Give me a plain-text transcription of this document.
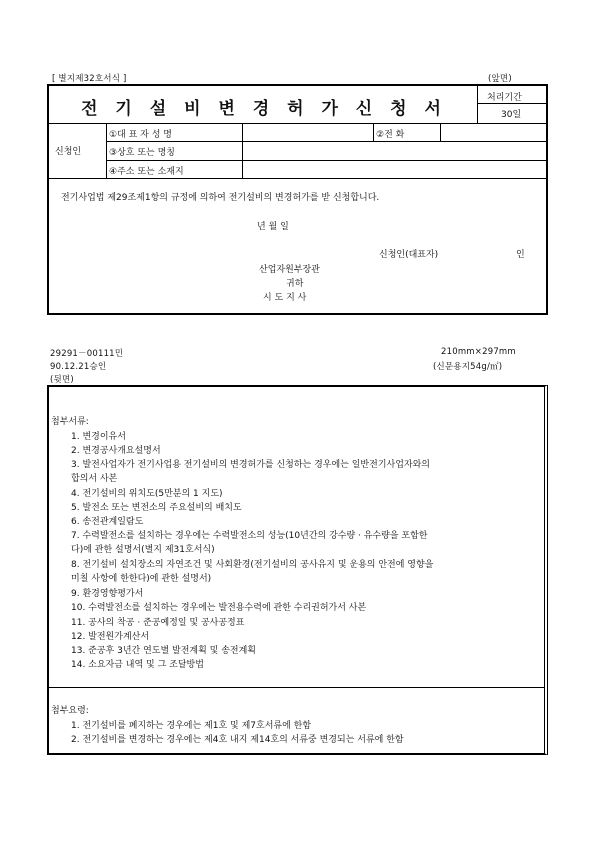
[ 별지제32호서식 ]	(앞면)
전 기 설 비 변 경 허 가 신 청 서
처리기간
30일
신청인
①대 표 자 성 명	②전 화
③상호 또는 명칭
④주소 또는 소재지
전기사업법 제29조제1항의 규정에 의하여 전기설비의 변경허가를 받 신청합니다.
년 월 일
신청인(대표자)	인
산업자원부장관
귀하
시 도 지 사
29291－00111민
90.12.21승인
210mm×297mm
(신문용지54g/㎡)
(뒷면)
첨부서류:
1. 변경이유서
2. 변경공사개요설명서
3. 발전사업자가 전기사업용 전기설비의 변경허가를 신청하는 경우에는 일반전기사업자와의
합의서 사본
4. 전기설비의 위치도(5만분의 1 지도)
5. 발전소 또는 변전소의 주요설비의 배치도
6. 송전관계일람도
7. 수력발전소를 설치하는 경우에는 수력발전소의 성능(10년간의 강수량 · 유수량을 포함한
다)에 관한 설명서(별지 제31호서식)
8. 전기설비 설치장소의 자연조건 및 사회환경(전기설비의 공사유지 및 운용의 안전에 영향을
미칠 사항에 한한다)에 관한 설명서)
9. 환경영향평가서
10. 수력발전소를 설치하는 경우에는 발전용수력에 관한 수리권허가서 사본
11. 공사의 착공 · 준공예정일 및 공사공정표
12. 발전원가계산서
13. 준공후 3년간 연도별 발전계획 및 송전계획
14. 소요자금 내역 및 그 조달방법
첨부요령:
1. 전기설비를 폐지하는 경우에는 제1호 및 제7호서류에 한함
2. 전기설비를 변경하는 경우에는 제4호 내지 제14호의 서류중 변경되는 서류에 한함
